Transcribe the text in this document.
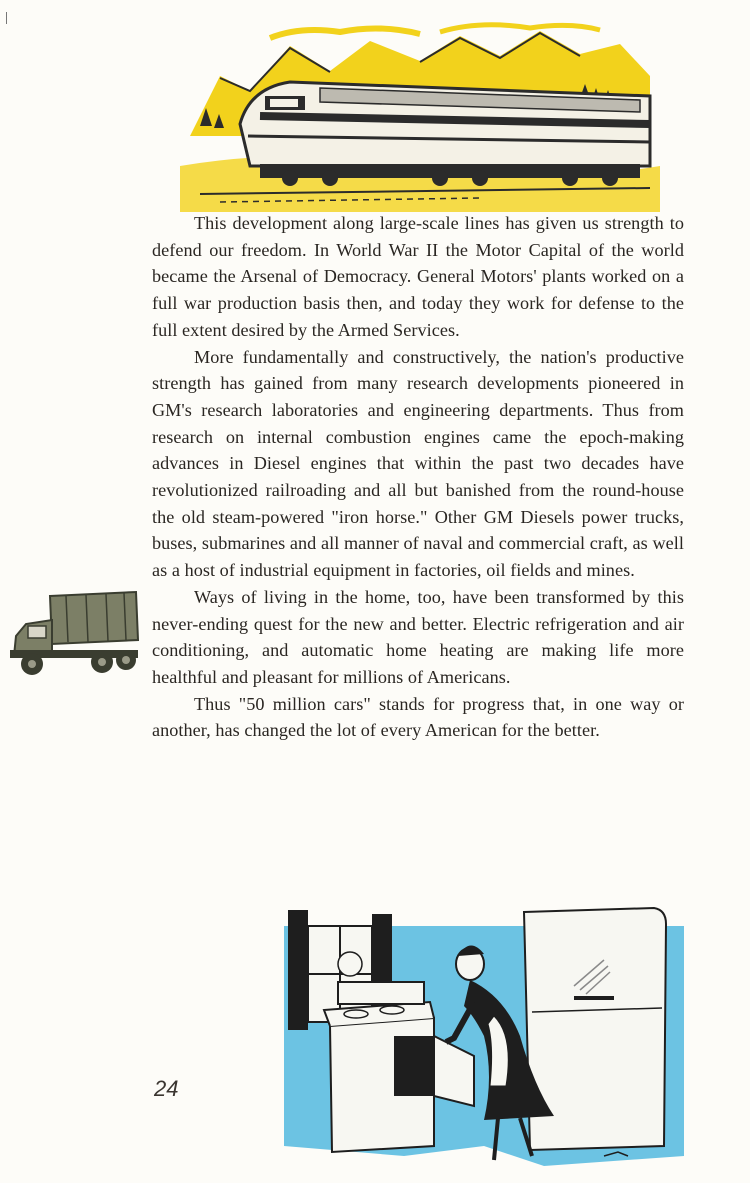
This development along large-scale lines has given us strength to defend our freedom. In World War II the Motor Capital of the world became the Arsenal of Democracy. General Motors' plants worked on a full war production basis then, and today they work for defense to the full extent desired by the Armed Services.

More fundamentally and constructively, the nation's productive strength has gained from many research developments pioneered in GM's research laboratories and engineering departments. Thus from research on internal combustion engines came the epoch-making advances in Diesel engines that within the past two decades have revolutionized railroading and all but banished from the round-house the old steam-powered "iron horse." Other GM Diesels power trucks, buses, submarines and all manner of naval and commercial craft, as well as a host of industrial equipment in factories, oil fields and mines.

Ways of living in the home, too, have been transformed by this never-ending quest for the new and better. Electric refrigeration and air conditioning, and automatic home heating are making life more healthful and pleasant for millions of Americans.

Thus "50 million cars" stands for progress that, in one way or another, has changed the lot of every American for the better.

24
